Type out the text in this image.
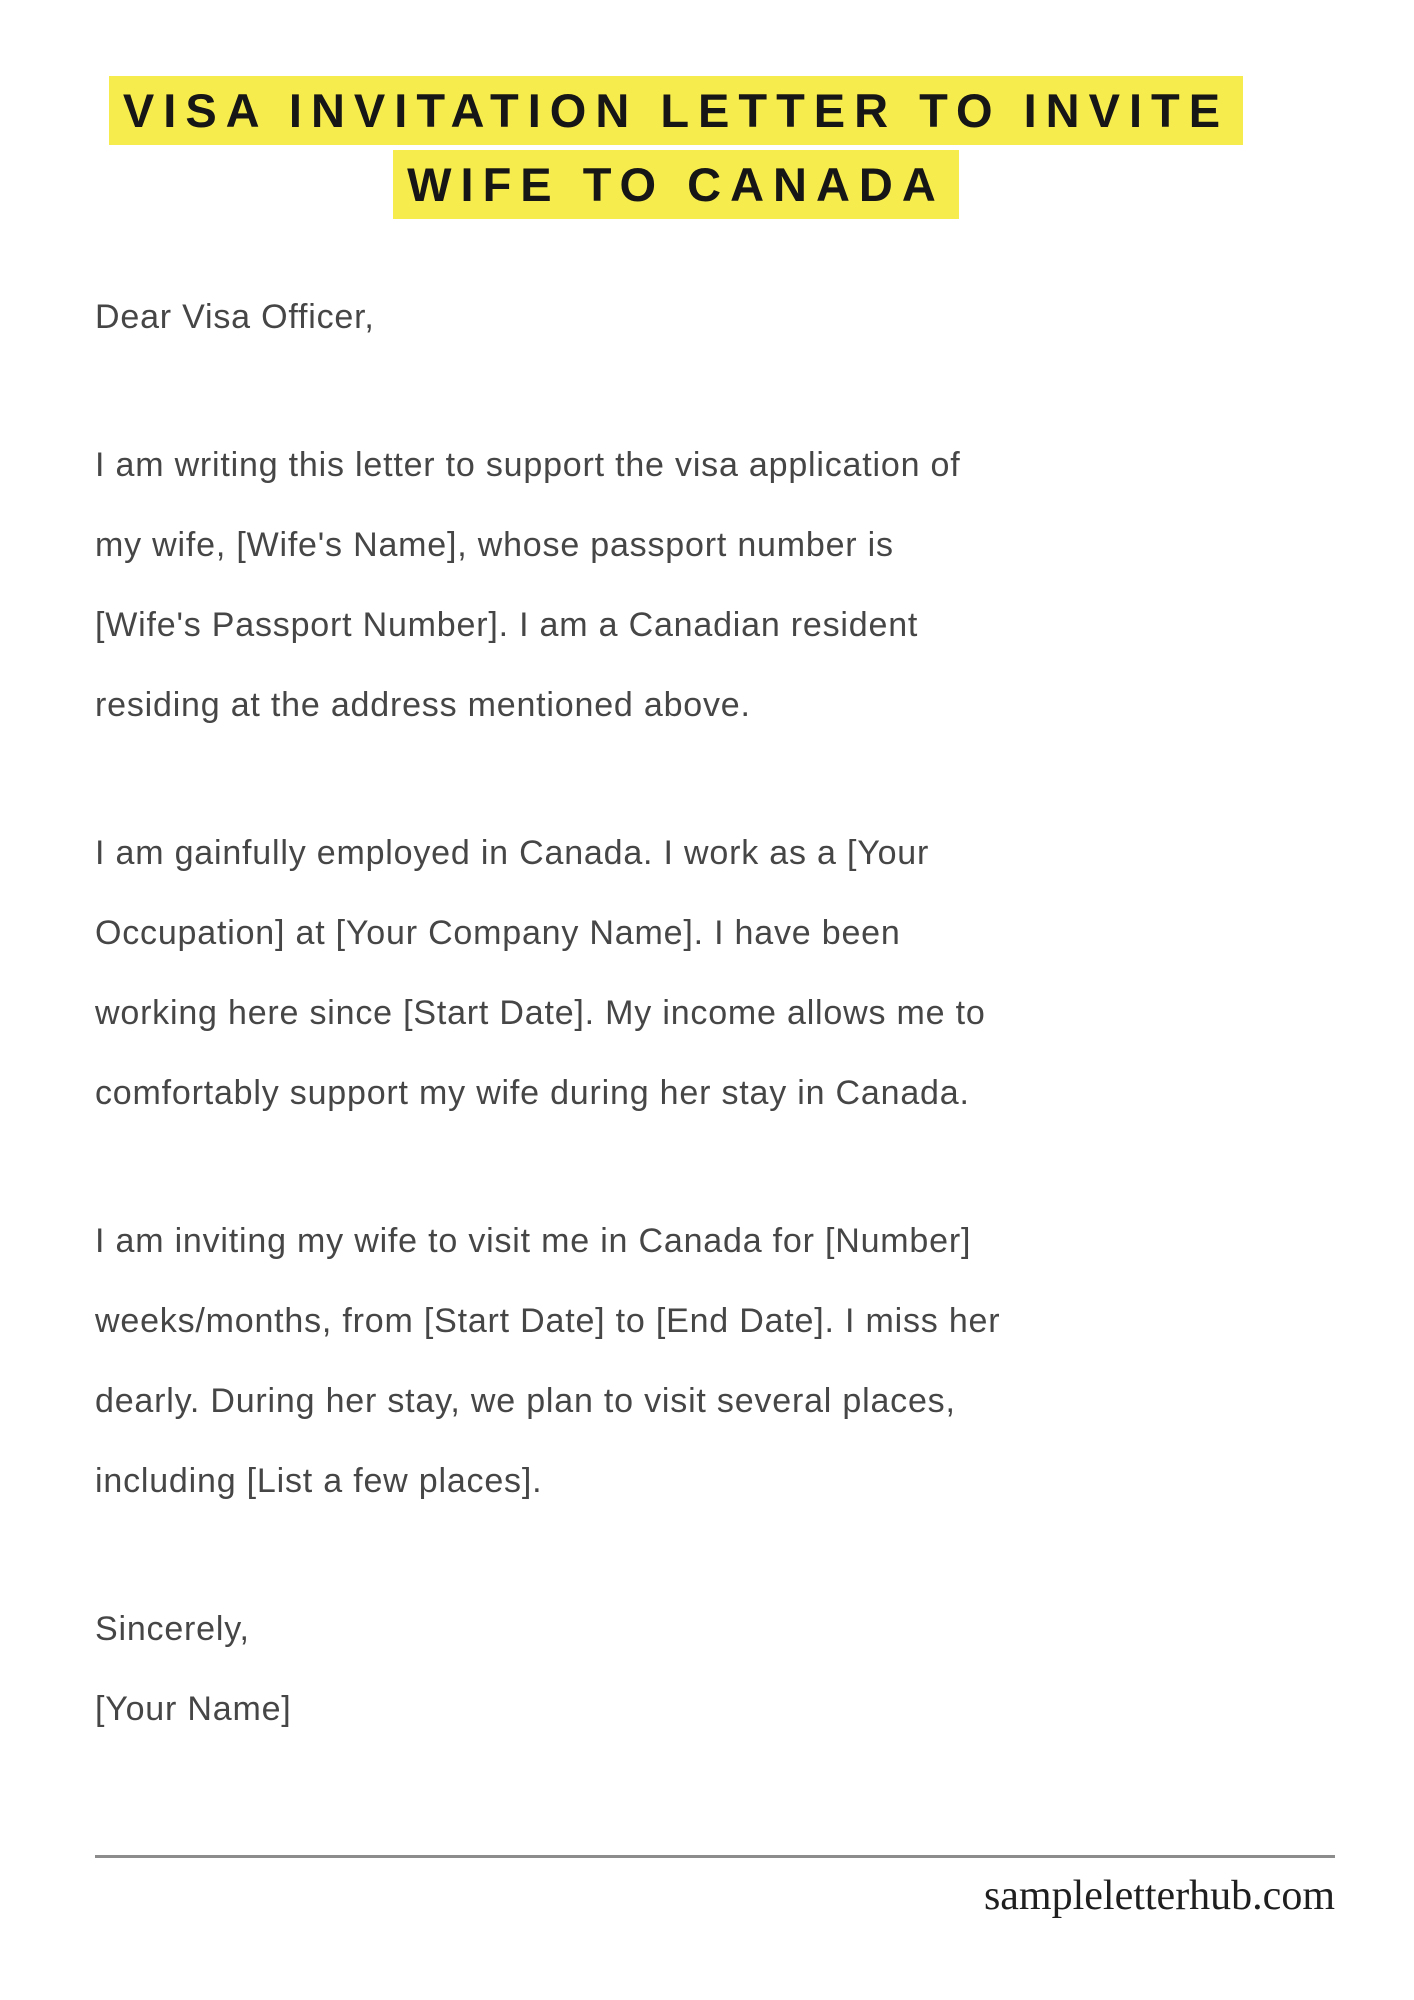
VISA INVITATION LETTER TO INVITE
WIFE TO CANADA

Dear Visa Officer,

I am writing this letter to support the visa application of
my wife, [Wife's Name], whose passport number is
[Wife's Passport Number]. I am a Canadian resident
residing at the address mentioned above.

I am gainfully employed in Canada. I work as a [Your
Occupation] at [Your Company Name]. I have been
working here since [Start Date]. My income allows me to
comfortably support my wife during her stay in Canada.

I am inviting my wife to visit me in Canada for [Number]
weeks/months, from [Start Date] to [End Date]. I miss her
dearly. During her stay, we plan to visit several places,
including [List a few places].

Sincerely,
[Your Name]

sampleletterhub.com
